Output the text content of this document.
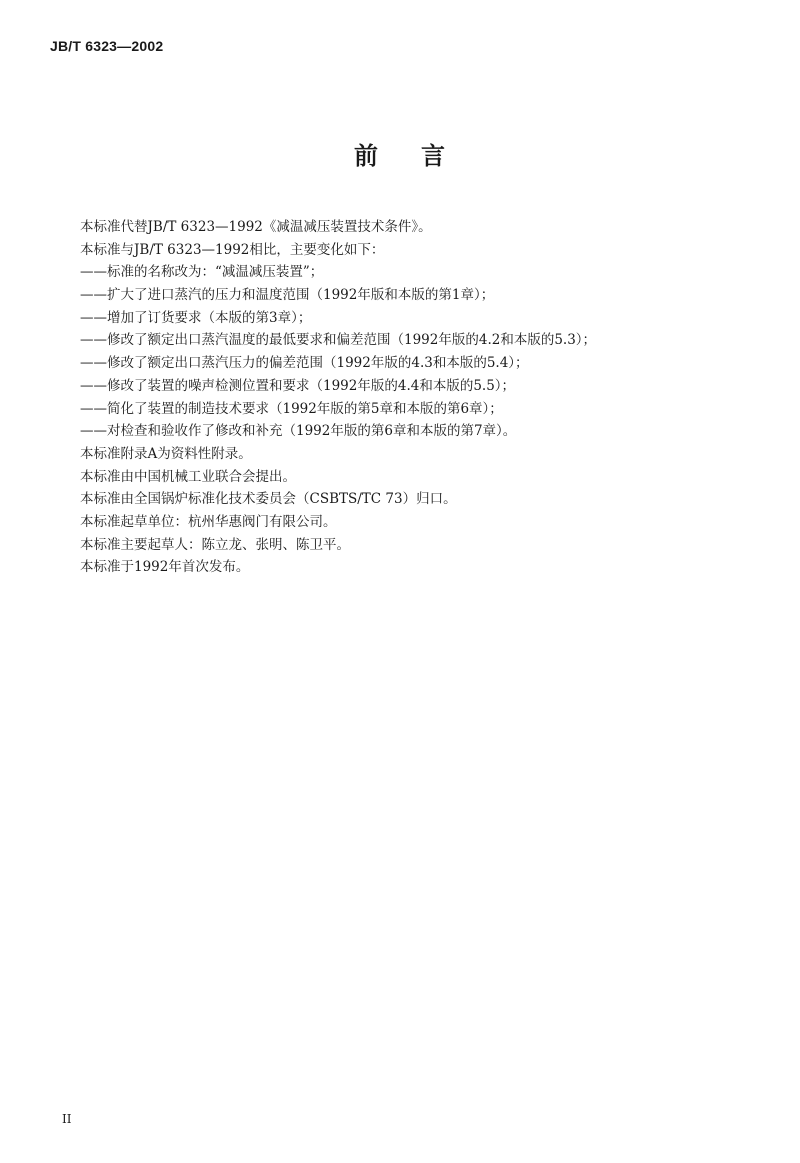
JB/T 6323—2002
前 言
本标准代替JB/T 6323—1992《减温减压装置技术条件》。
本标准与JB/T 6323—1992相比，主要变化如下：
——标准的名称改为：“减温减压装置”；
——扩大了进口蒸汽的压力和温度范围（1992年版和本版的第1章）；
——增加了订货要求（本版的第3章）；
——修改了额定出口蒸汽温度的最低要求和偏差范围（1992年版的4.2和本版的5.3）；
——修改了额定出口蒸汽压力的偏差范围（1992年版的4.3和本版的5.4）；
——修改了装置的噪声检测位置和要求（1992年版的4.4和本版的5.5）；
——简化了装置的制造技术要求（1992年版的第5章和本版的第6章）；
——对检查和验收作了修改和补充（1992年版的第6章和本版的第7章）。
本标准附录A为资料性附录。
本标准由中国机械工业联合会提出。
本标准由全国锅炉标准化技术委员会（CSBTS/TC 73）归口。
本标准起草单位：杭州华惠阀门有限公司。
本标准主要起草人：陈立龙、张明、陈卫平。
本标准于1992年首次发布。
II
